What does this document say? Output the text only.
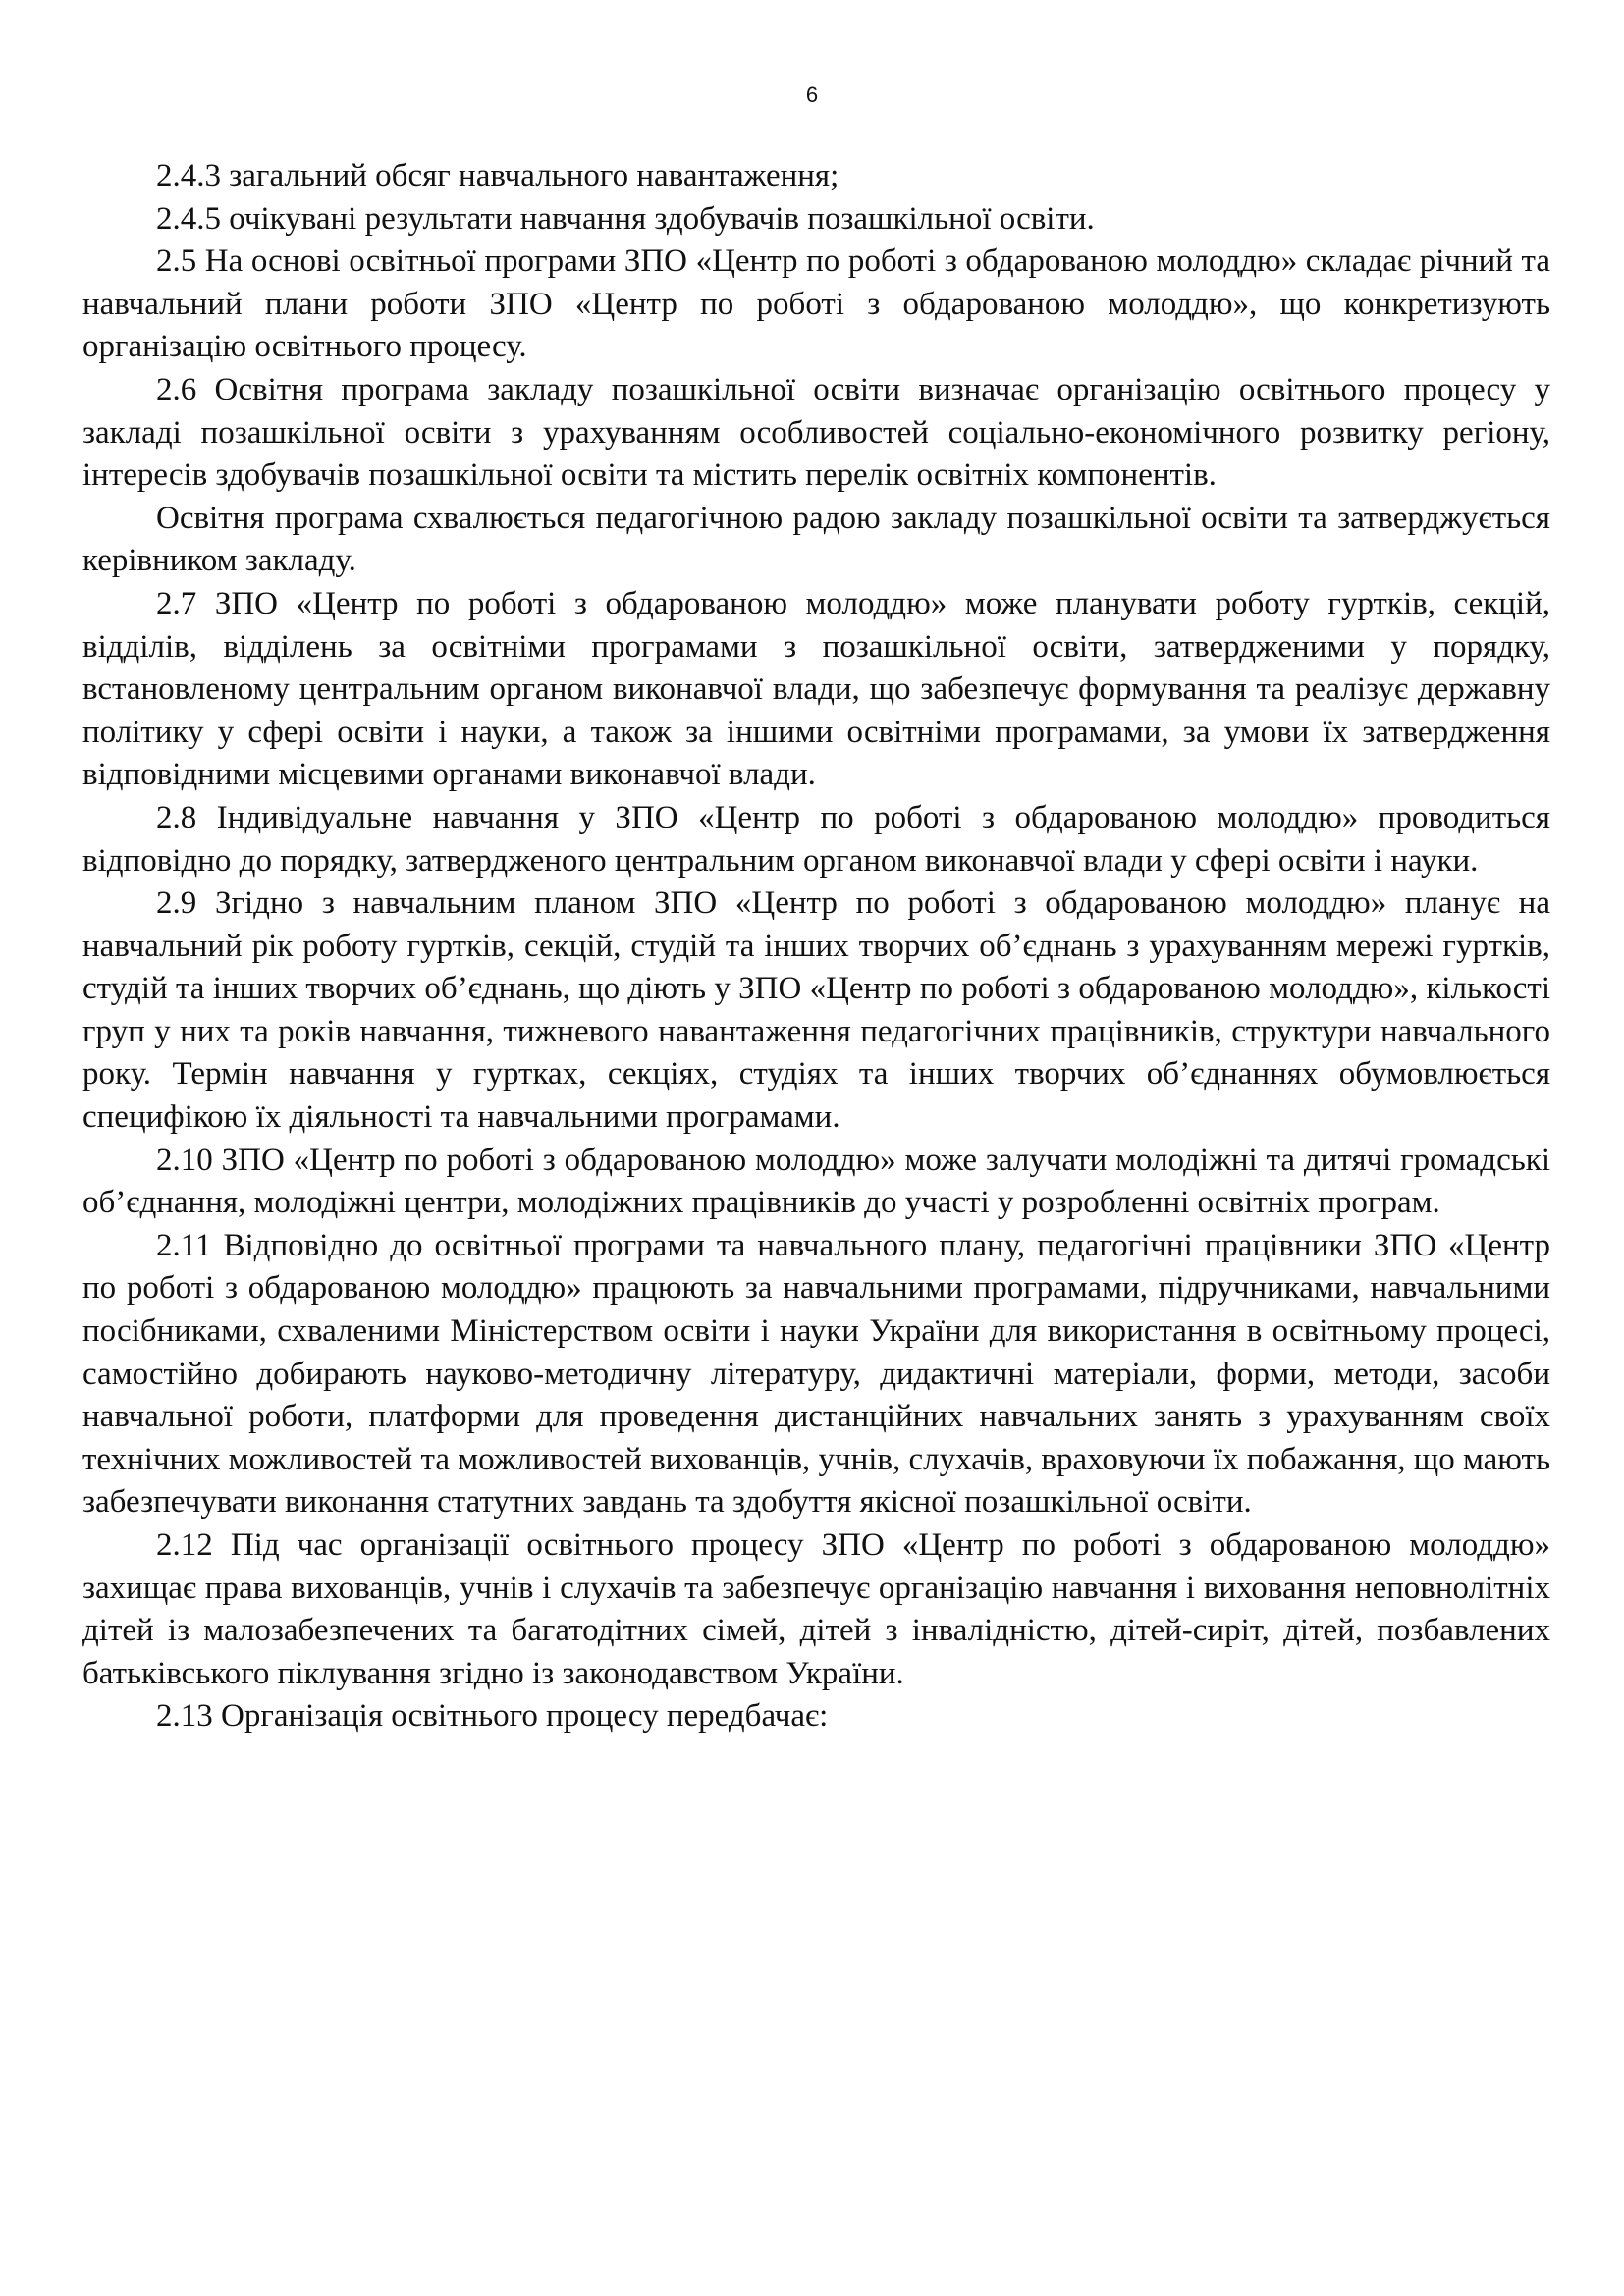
6

2.4.3 загальний обсяг навчального навантаження;

2.4.5 очікувані результати навчання здобувачів позашкільної освіти.

2.5 На основі освітньої програми ЗПО «Центр по роботі з обдарованою молоддю» складає річний та навчальний плани роботи ЗПО «Центр по роботі з обдарованою молоддю», що конкретизують організацію освітнього процесу.

2.6 Освітня програма закладу позашкільної освіти визначає організацію освітнього процесу у закладі позашкільної освіти з урахуванням особливостей соціально-економічного розвитку регіону, інтересів здобувачів позашкільної освіти та містить перелік освітніх компонентів.

Освітня програма схвалюється педагогічною радою закладу позашкільної освіти та затверджується керівником закладу.

2.7 ЗПО «Центр по роботі з обдарованою молоддю» може планувати роботу гуртків, секцій, відділів, відділень за освітніми програмами з позашкільної освіти, затвердженими у порядку, встановленому центральним органом виконавчої влади, що забезпечує формування та реалізує державну політику у сфері освіти і науки, а також за іншими освітніми програмами, за умови їх затвердження відповідними місцевими органами виконавчої влади.

2.8 Індивідуальне навчання у ЗПО «Центр по роботі з обдарованою молоддю» проводиться відповідно до порядку, затвердженого центральним органом виконавчої влади у сфері освіти і науки.

2.9 Згідно з навчальним планом ЗПО «Центр по роботі з обдарованою молоддю» планує на навчальний рік роботу гуртків, секцій, студій та інших творчих об’єднань з урахуванням мережі гуртків, студій та інших творчих об’єднань, що діють у ЗПО «Центр по роботі з обдарованою молоддю», кількості груп у них та років навчання, тижневого навантаження педагогічних працівників, структури навчального року. Термін навчання у гуртках, секціях, студіях та інших творчих об’єднаннях обумовлюється специфікою їх діяльності та навчальними програмами.

2.10 ЗПО «Центр по роботі з обдарованою молоддю» може залучати молодіжні та дитячі громадські об’єднання, молодіжні центри, молодіжних працівників до участі у розробленні освітніх програм.

2.11 Відповідно до освітньої програми та навчального плану, педагогічні працівники ЗПО «Центр по роботі з обдарованою молоддю» працюють за навчальними програмами, підручниками, навчальними посібниками, схваленими Міністерством освіти і науки України для використання в освітньому процесі, самостійно добирають науково-методичну літературу, дидактичні матеріали, форми, методи, засоби навчальної роботи, платформи для проведення дистанційних навчальних занять з урахуванням своїх технічних можливостей та можливостей вихованців, учнів, слухачів, враховуючи їх побажання, що мають забезпечувати виконання статутних завдань та здобуття якісної позашкільної освіти.

2.12 Під час організації освітнього процесу ЗПО «Центр по роботі з обдарованою молоддю» захищає права вихованців, учнів і слухачів та забезпечує організацію навчання і виховання неповнолітніх дітей із малозабезпечених та багатодітних сімей, дітей з інвалідністю, дітей-сиріт, дітей, позбавлених батьківського піклування згідно із законодавством України.

2.13 Організація освітнього процесу передбачає:
